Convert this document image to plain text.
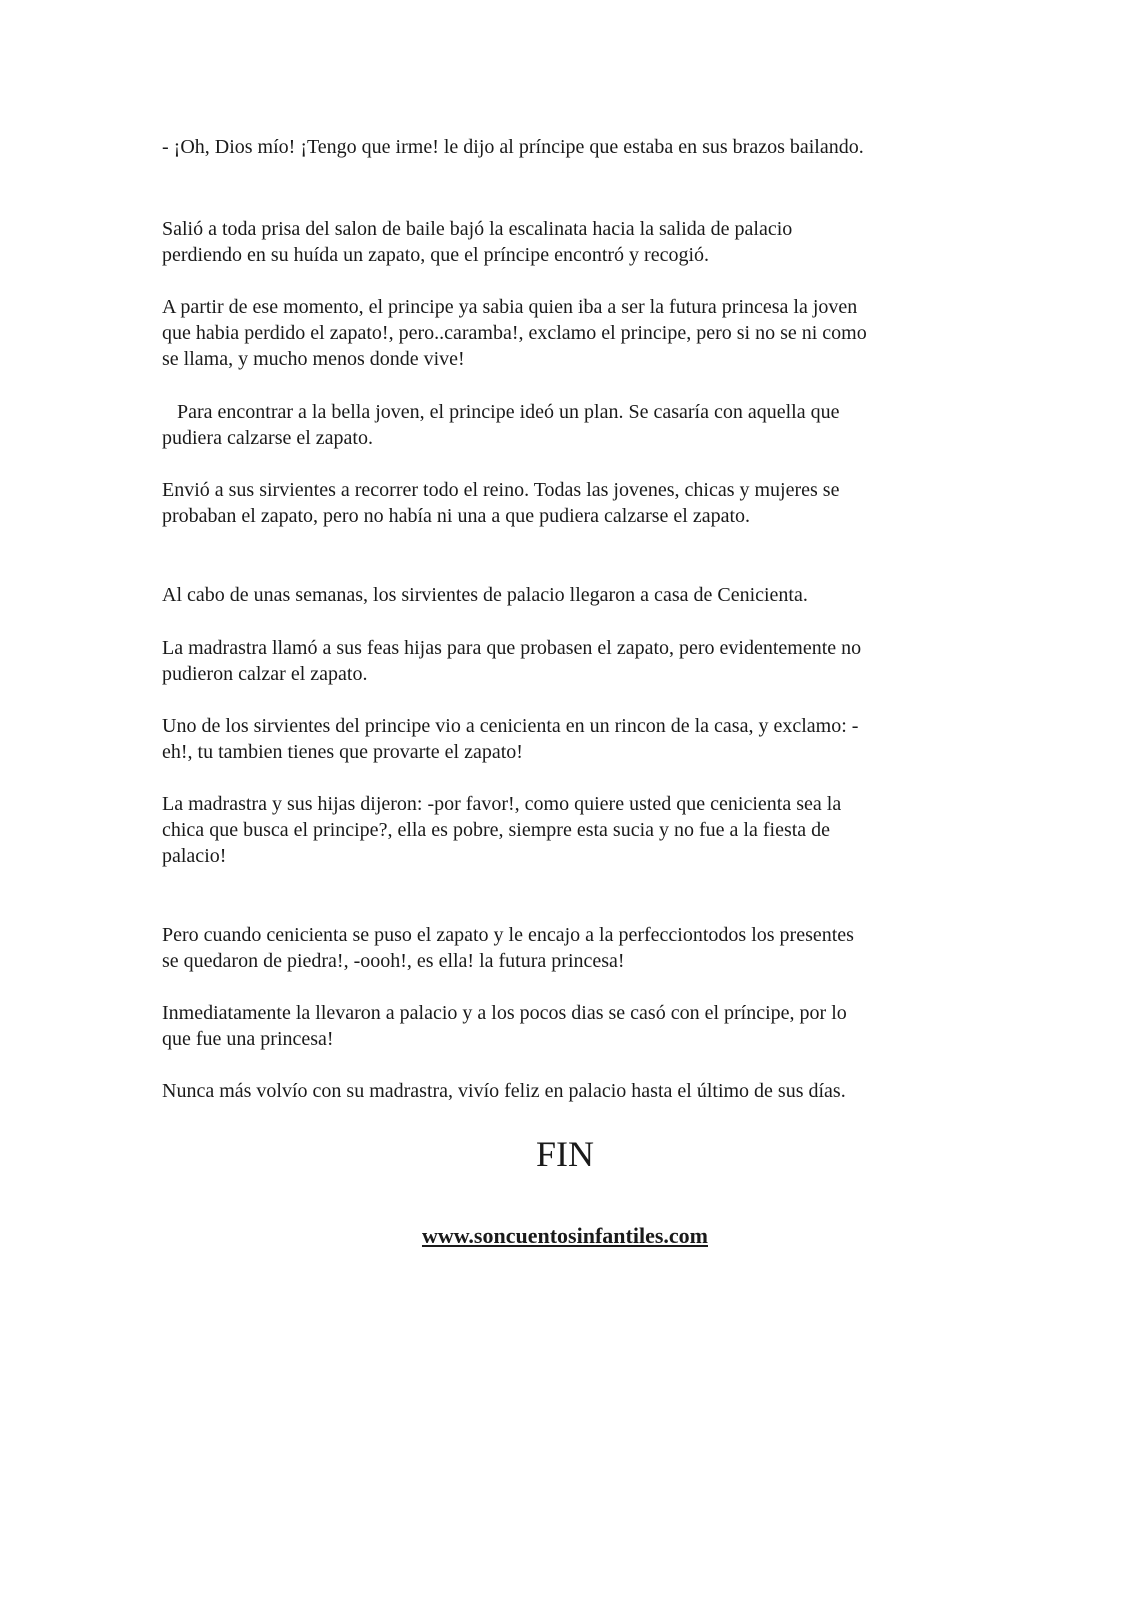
- ¡Oh, Dios mío! ¡Tengo que irme! le dijo al príncipe que estaba en sus brazos bailando.

Salió a toda prisa del salon de baile bajó la escalinata hacia la salida de palacio
perdiendo en su huída un zapato, que el príncipe encontró y recogió.

A partir de ese momento, el principe ya sabia quien iba a ser la futura princesa la joven
que habia perdido el zapato!, pero..caramba!, exclamo el principe, pero si no se ni como
se llama, y mucho menos donde vive!

Para encontrar a la bella joven, el principe ideó un plan. Se casaría con aquella que
pudiera calzarse el zapato.

Envió a sus sirvientes a recorrer todo el reino. Todas las jovenes, chicas y mujeres se
probaban el zapato, pero no había ni una a que pudiera calzarse el zapato.

Al cabo de unas semanas, los sirvientes de palacio llegaron a casa de Cenicienta.

La madrastra llamó a sus feas hijas para que probasen el zapato, pero evidentemente no
pudieron calzar el zapato.

Uno de los sirvientes del principe vio a cenicienta en un rincon de la casa, y exclamo: -
eh!, tu tambien tienes que provarte el zapato!

La madrastra y sus hijas dijeron: -por favor!, como quiere usted que cenicienta sea la
chica que busca el principe?, ella es pobre, siempre esta sucia y no fue a la fiesta de
palacio!

Pero cuando cenicienta se puso el zapato y le encajo a la perfecciontodos los presentes
se quedaron de piedra!, -oooh!, es ella! la futura princesa!

Inmediatamente la llevaron a palacio y a los pocos dias se casó con el príncipe, por lo
que fue una princesa!

Nunca más volvío con su madrastra, vivío feliz en palacio hasta el último de sus días.

FIN

www.soncuentosinfantiles.com
